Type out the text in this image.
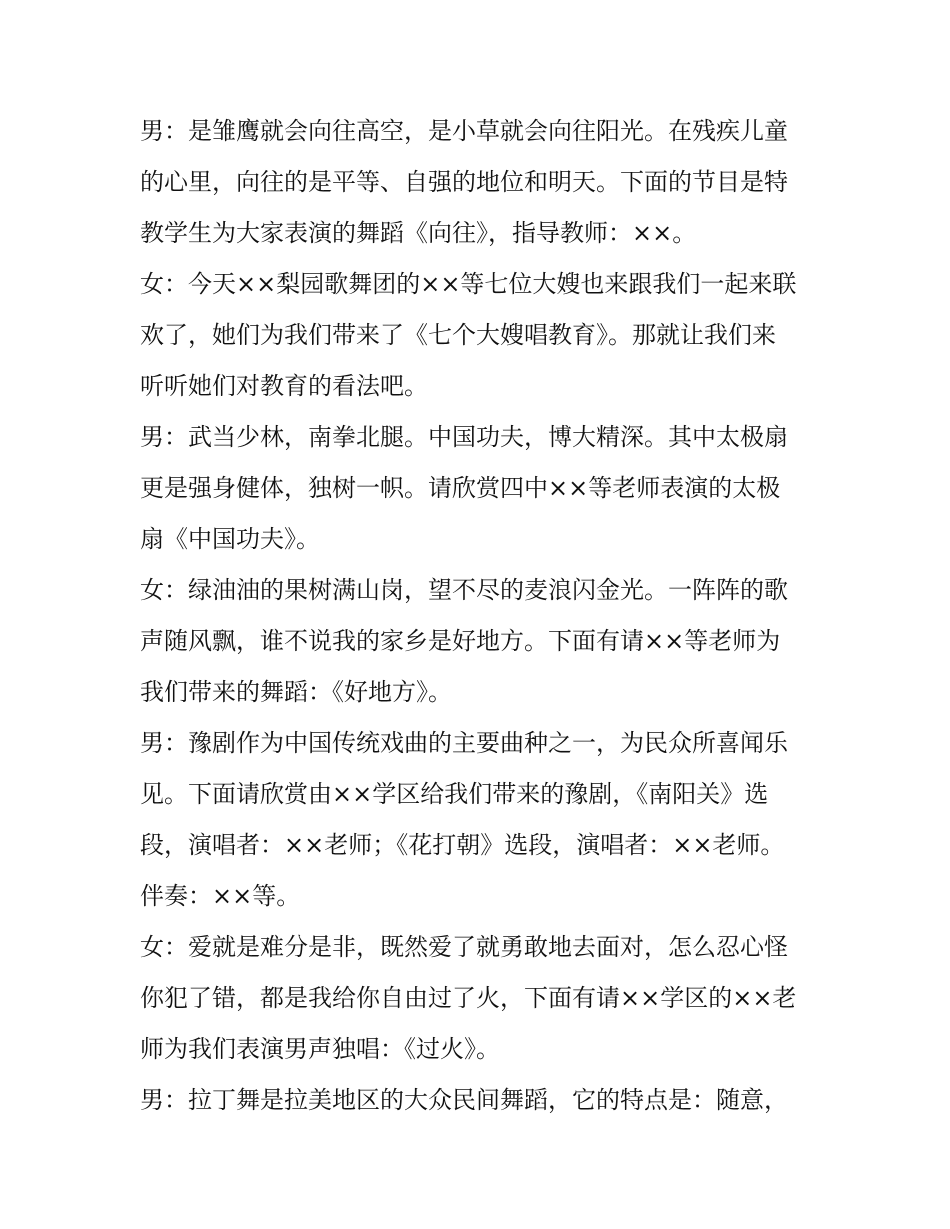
男：是雏鹰就会向往高空，是小草就会向往阳光。在残疾儿童
的心里，向往的是平等、自强的地位和明天。下面的节目是特
教学生为大家表演的舞蹈《向往》，指导教师：××。
女：今天××梨园歌舞团的××等七位大嫂也来跟我们一起来联
欢了，她们为我们带来了《七个大嫂唱教育》。那就让我们来
听听她们对教育的看法吧。
男：武当少林，南拳北腿。中国功夫，博大精深。其中太极扇
更是强身健体，独树一帜。请欣赏四中××等老师表演的太极
扇《中国功夫》。
女：绿油油的果树满山岗，望不尽的麦浪闪金光。一阵阵的歌
声随风飘，谁不说我的家乡是好地方。下面有请××等老师为
我们带来的舞蹈：《好地方》。
男：豫剧作为中国传统戏曲的主要曲种之一，为民众所喜闻乐
见。下面请欣赏由××学区给我们带来的豫剧，《南阳关》选
段，演唱者：××老师；《花打朝》选段，演唱者：××老师。
伴奏：××等。
女：爱就是难分是非，既然爱了就勇敢地去面对，怎么忍心怪
你犯了错，都是我给你自由过了火，下面有请××学区的××老
师为我们表演男声独唱：《过火》。
男：拉丁舞是拉美地区的大众民间舞蹈，它的特点是：随意，
